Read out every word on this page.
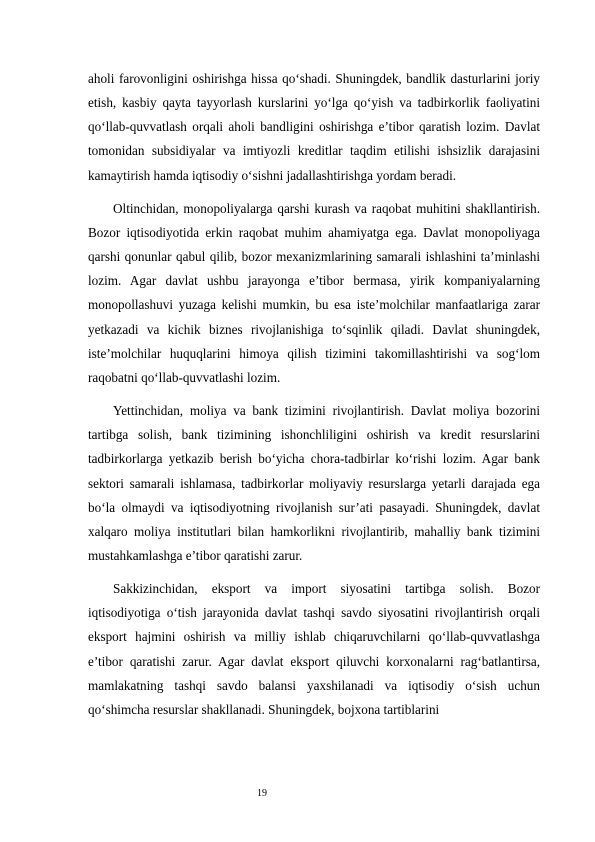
aholi farovonligini oshirishga hissa qo‘shadi. Shuningdek, bandlik dasturlarini joriy etish, kasbiy qayta tayyorlash kurslarini yo‘lga qo‘yish va tadbirkorlik faoliyatini qo‘llab-quvvatlash orqali aholi bandligini oshirishga e’tibor qaratish lozim. Davlat tomonidan subsidiyalar va imtiyozli kreditlar taqdim etilishi ishsizlik darajasini kamaytirish hamda iqtisodiy o‘sishni jadallashtirishga yordam beradi.

Oltinchidan, monopoliyalarga qarshi kurash va raqobat muhitini shakllantirish. Bozor iqtisodiyotida erkin raqobat muhim ahamiyatga ega. Davlat monopoliyaga qarshi qonunlar qabul qilib, bozor mexanizmlarining samarali ishlashini ta’minlashi lozim. Agar davlat ushbu jarayonga e’tibor bermasa, yirik kompaniyalarning monopollashuvi yuzaga kelishi mumkin, bu esa iste’molchilar manfaatlariga zarar yetkazadi va kichik biznes rivojlanishiga to‘sqinlik qiladi. Davlat shuningdek, iste’molchilar huquqlarini himoya qilish tizimini takomillashtirishi va sog‘lom raqobatni qo‘llab-quvvatlashi lozim.

Yettinchidan, moliya va bank tizimini rivojlantirish. Davlat moliya bozorini tartibga solish, bank tizimining ishonchliligini oshirish va kredit resurslarini tadbirkorlarga yetkazib berish bo‘yicha chora-tadbirlar ko‘rishi lozim. Agar bank sektori samarali ishlamasa, tadbirkorlar moliyaviy resurslarga yetarli darajada ega bo‘la olmaydi va iqtisodiyotning rivojlanish sur’ati pasayadi. Shuningdek, davlat xalqaro moliya institutlari bilan hamkorlikni rivojlantirib, mahalliy bank tizimini mustahkamlashga e’tibor qaratishi zarur.

Sakkizinchidan, eksport va import siyosatini tartibga solish. Bozor iqtisodiyotiga o‘tish jarayonida davlat tashqi savdo siyosatini rivojlantirish orqali eksport hajmini oshirish va milliy ishlab chiqaruvchilarni qo‘llab-quvvatlashga e’tibor qaratishi zarur. Agar davlat eksport qiluvchi korxonalarni rag‘batlantirsa, mamlakatning tashqi savdo balansi yaxshilanadi va iqtisodiy o‘sish uchun qo‘shimcha resurslar shakllanadi. Shuningdek, bojxona tartiblarini

19
